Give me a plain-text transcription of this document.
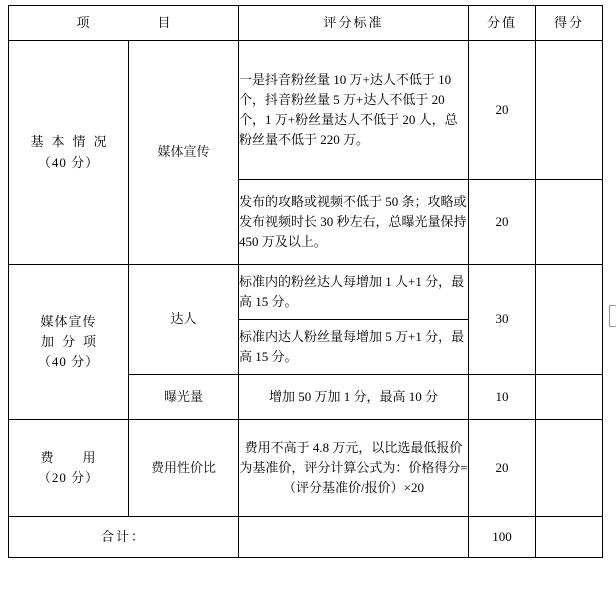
项　　目		评分标准	分值	得分

基本情况
（40 分）	媒体宣传	一是抖音粉丝量 10 万+达人不低于 10 个，抖音粉丝量 5 万+达人不低于 20 个，1 万+粉丝量达人不低于 20 人，总粉丝量不低于 220 万。	20	
		发布的攻略或视频不低于 50 条；攻略或发布视频时长 30 秒左右，总曝光量保持 450 万及以上。	20	

媒体宣传
加分项
（40 分）	达人	标准内的粉丝达人每增加 1 人+1 分，最高 15 分。	30	
		标准内达人粉丝量每增加 5 万+1 分，最高 15 分。		
	曝光量	增加 50 万加 1 分，最高 10 分	10	

费　　用
（20 分）	费用性价比	费用不高于 4.8 万元，以比选最低报价为基准价，评分计算公式为：价格得分=（评分基准价/报价）×20	20	
合计：			100	
